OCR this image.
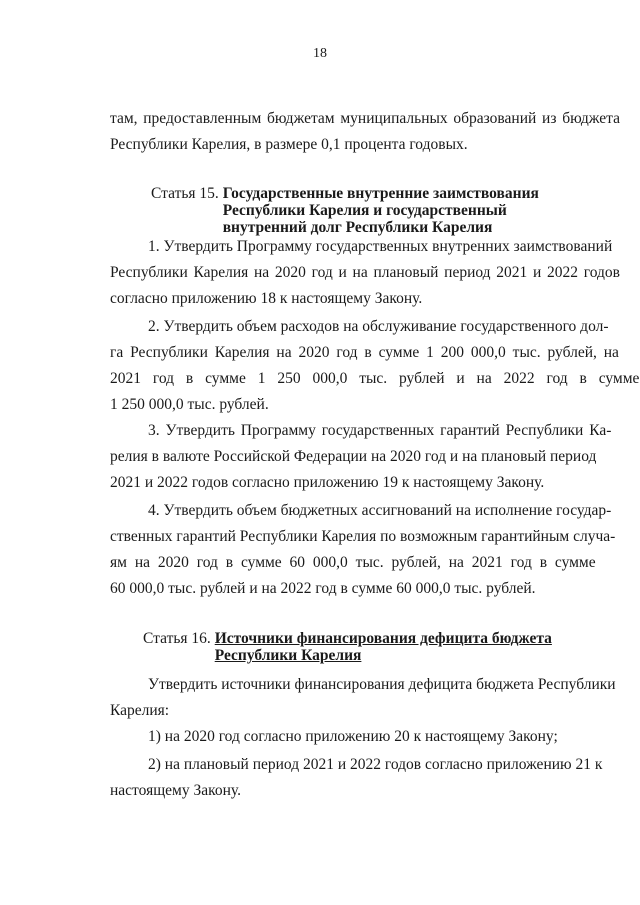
18
там, предоставленным бюджетам муниципальных образований из бюджета
Республики Карелия, в размере 0,1 процента годовых.
Статья 15. Государственные внутренние заимствования
Республики Карелия и государственный
внутренний долг Республики Карелия
1. Утвердить Программу государственных внутренних заимствований
Республики Карелия на 2020 год и на плановый период 2021 и 2022 годов
согласно приложению 18 к настоящему Закону.
2. Утвердить объем расходов на обслуживание государственного дол-
га Республики Карелия на 2020 год в сумме 1 200 000,0 тыс. рублей, на
2021 год в сумме 1 250 000,0 тыс. рублей и на 2022 год в сумме
1 250 000,0 тыс. рублей.
3. Утвердить Программу государственных гарантий Республики Ка-
релия в валюте Российской Федерации на 2020 год и на плановый период
2021 и 2022 годов согласно приложению 19 к настоящему Закону.
4. Утвердить объем бюджетных ассигнований на исполнение государ-
ственных гарантий Республики Карелия по возможным гарантийным случа-
ям на 2020 год в сумме 60 000,0 тыс. рублей, на 2021 год в сумме
60 000,0 тыс. рублей и на 2022 год в сумме 60 000,0 тыс. рублей.
Статья 16. Источники финансирования дефицита бюджета
Республики Карелия
Утвердить источники финансирования дефицита бюджета Республики
Карелия:
1) на 2020 год согласно приложению 20 к настоящему Закону;
2) на плановый период 2021 и 2022 годов согласно приложению 21 к
настоящему Закону.
